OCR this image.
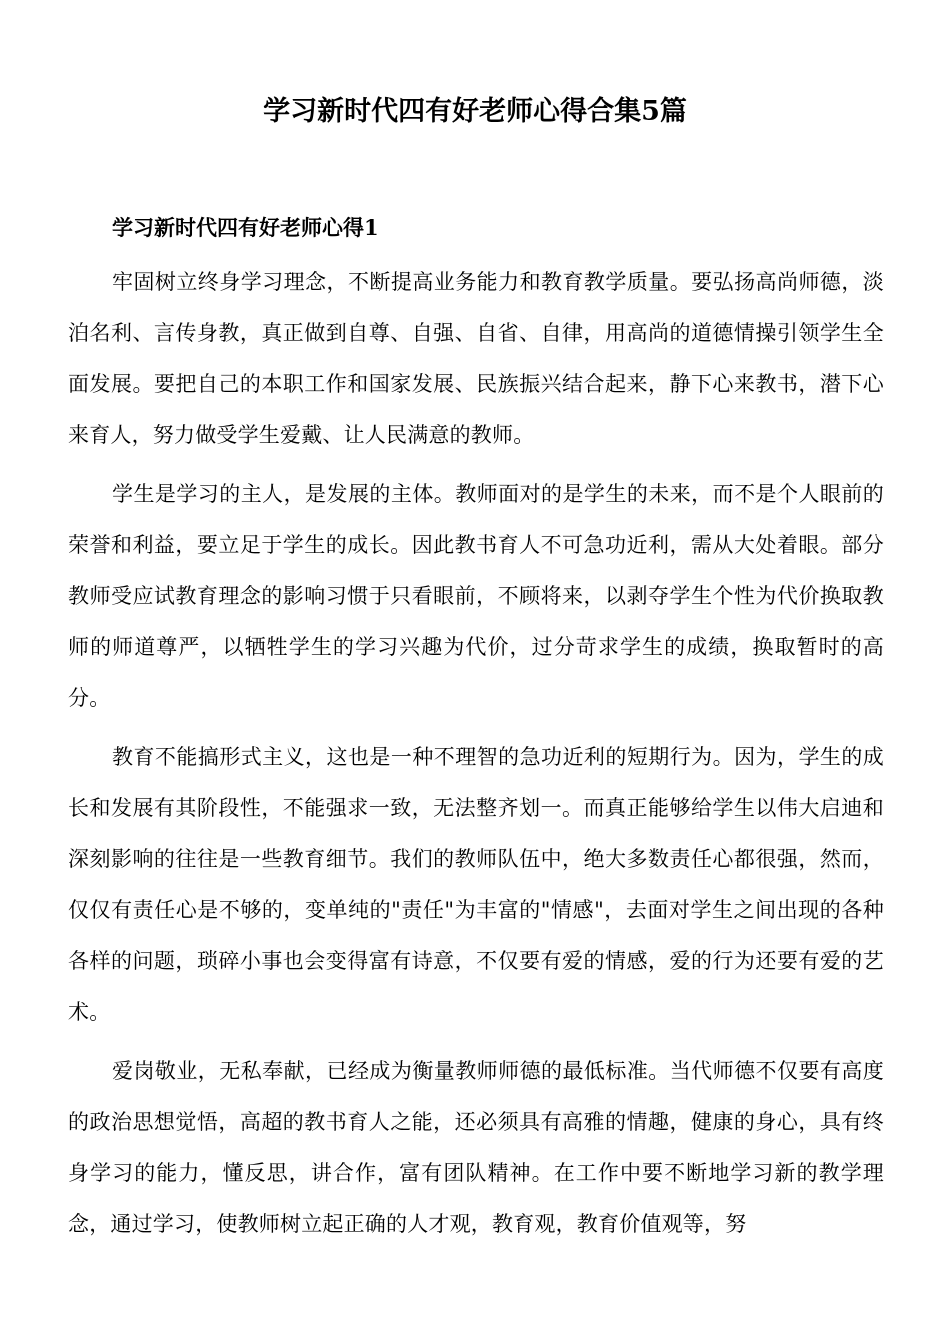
学习新时代四有好老师心得合集5篇
学习新时代四有好老师心得1

牢固树立终身学习理念，不断提高业务能力和教育教学质量。要弘扬高尚师德，淡泊名利、言传身教，真正做到自尊、自强、自省、自律，用高尚的道德情操引领学生全面发展。要把自己的本职工作和国家发展、民族振兴结合起来，静下心来教书，潜下心来育人，努力做受学生爱戴、让人民满意的教师。

学生是学习的主人，是发展的主体。教师面对的是学生的未来，而不是个人眼前的荣誉和利益，要立足于学生的成长。因此教书育人不可急功近利，需从大处着眼。部分教师受应试教育理念的影响习惯于只看眼前，不顾将来，以剥夺学生个性为代价换取教师的师道尊严，以牺牲学生的学习兴趣为代价，过分苛求学生的成绩，换取暂时的高分。

教育不能搞形式主义，这也是一种不理智的急功近利的短期行为。因为，学生的成长和发展有其阶段性，不能强求一致，无法整齐划一。而真正能够给学生以伟大启迪和深刻影响的往往是一些教育细节。我们的教师队伍中，绝大多数责任心都很强，然而，仅仅有责任心是不够的，变单纯的"责任"为丰富的"情感"，去面对学生之间出现的各种各样的问题，琐碎小事也会变得富有诗意，不仅要有爱的情感，爱的行为还要有爱的艺术。

爱岗敬业，无私奉献，已经成为衡量教师师德的最低标准。当代师德不仅要有高度的政治思想觉悟，高超的教书育人之能，还必须具有高雅的情趣，健康的身心，具有终身学习的能力，懂反思，讲合作，富有团队精神。在工作中要不断地学习新的教学理念，通过学习，使教师树立起正确的人才观，教育观，教育价值观等，努
